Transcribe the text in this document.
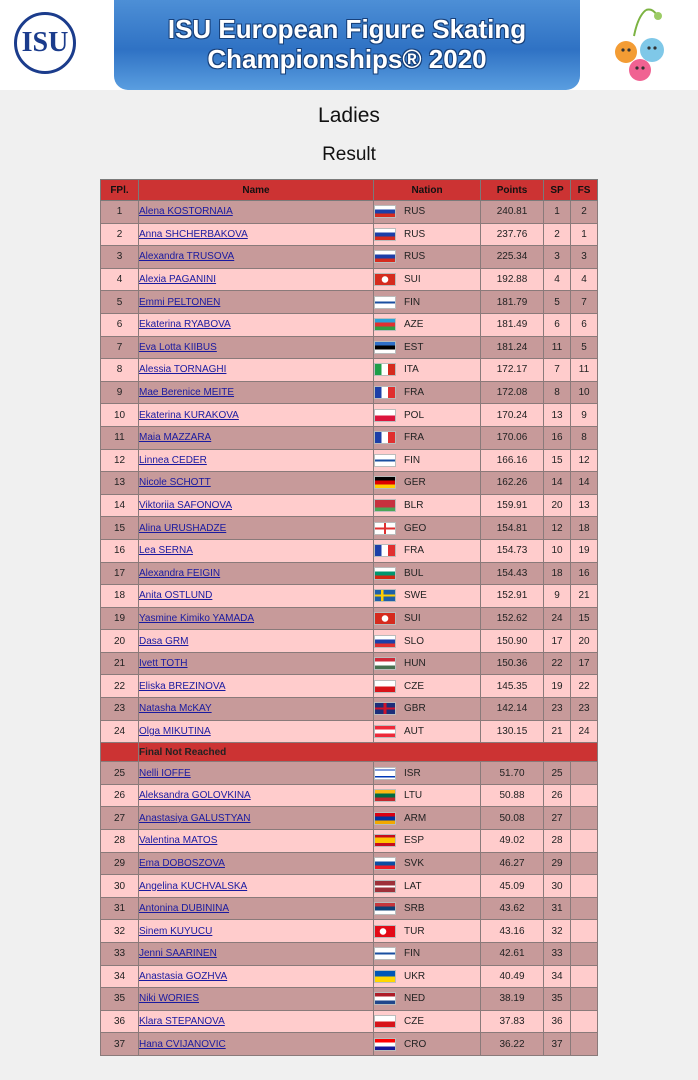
ISU	ISU European Figure Skating
Championships® 2020
Ladies
Result
FPl.	Name	Nation	Points	SP	FS
1	Alena KOSTORNAIA	RUS	240.81	1	2
2	Anna SHCHERBAKOVA	RUS	237.76	2	1
3	Alexandra TRUSOVA	RUS	225.34	3	3
4	Alexia PAGANINI	SUI	192.88	4	4
5	Emmi PELTONEN	FIN	181.79	5	7
6	Ekaterina RYABOVA	AZE	181.49	6	6
7	Eva Lotta KIIBUS	EST	181.24	11	5
8	Alessia TORNAGHI	ITA	172.17	7	11
9	Mae Berenice MEITE	FRA	172.08	8	10
10	Ekaterina KURAKOVA	POL	170.24	13	9
11	Maia MAZZARA	FRA	170.06	16	8
12	Linnea CEDER	FIN	166.16	15	12
13	Nicole SCHOTT	GER	162.26	14	14
14	Viktoriia SAFONOVA	BLR	159.91	20	13
15	Alina URUSHADZE	GEO	154.81	12	18
16	Lea SERNA	FRA	154.73	10	19
17	Alexandra FEIGIN	BUL	154.43	18	16
18	Anita OSTLUND	SWE	152.91	9	21
19	Yasmine Kimiko YAMADA	SUI	152.62	24	15
20	Dasa GRM	SLO	150.90	17	20
21	Ivett TOTH	HUN	150.36	22	17
22	Eliska BREZINOVA	CZE	145.35	19	22
23	Natasha McKAY	GBR	142.14	23	23
24	Olga MIKUTINA	AUT	130.15	21	24
	Final Not Reached				
25	Nelli IOFFE	ISR	51.70	25	
26	Aleksandra GOLOVKINA	LTU	50.88	26	
27	Anastasiya GALUSTYAN	ARM	50.08	27	
28	Valentina MATOS	ESP	49.02	28	
29	Ema DOBOSZOVA	SVK	46.27	29	
30	Angelina KUCHVALSKA	LAT	45.09	30	
31	Antonina DUBININA	SRB	43.62	31	
32	Sinem KUYUCU	TUR	43.16	32	
33	Jenni SAARINEN	FIN	42.61	33	
34	Anastasia GOZHVA	UKR	40.49	34	
35	Niki WORIES	NED	38.19	35	
36	Klara STEPANOVA	CZE	37.83	36	
37	Hana CVIJANOVIC	CRO	36.22	37	
